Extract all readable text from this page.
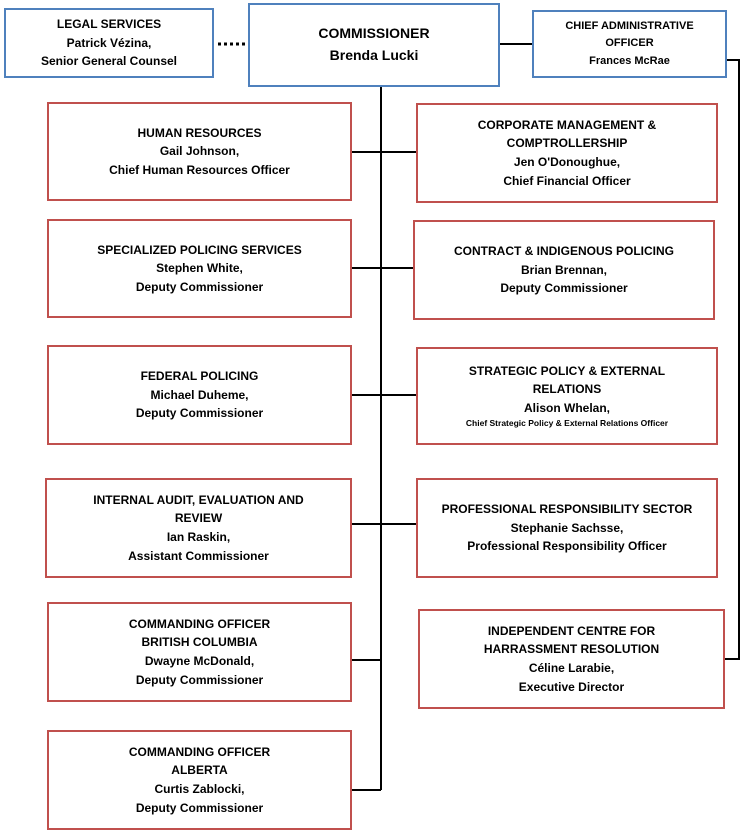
LEGAL SERVICES
Patrick Vézina,
Senior General Counsel
COMMISSIONER
Brenda Lucki
CHIEF ADMINISTRATIVE OFFICER
Frances McRae
HUMAN RESOURCES
Gail Johnson,
Chief Human Resources Officer
SPECIALIZED POLICING SERVICES
Stephen White,
Deputy Commissioner
FEDERAL POLICING
Michael Duheme,
Deputy Commissioner
INTERNAL AUDIT, EVALUATION AND REVIEW
Ian Raskin,
Assistant Commissioner
COMMANDING OFFICER
BRITISH COLUMBIA
Dwayne McDonald,
Deputy Commissioner
COMMANDING OFFICER
ALBERTA
Curtis Zablocki,
Deputy Commissioner
CORPORATE MANAGEMENT & COMPTROLLERSHIP
Jen O'Donoughue,
Chief Financial Officer
CONTRACT & INDIGENOUS POLICING
Brian Brennan,
Deputy Commissioner
STRATEGIC POLICY & EXTERNAL RELATIONS
Alison Whelan,
Chief Strategic Policy & External Relations Officer
PROFESSIONAL RESPONSIBILITY SECTOR
Stephanie Sachsse,
Professional Responsibility Officer
INDEPENDENT CENTRE FOR HARRASSMENT RESOLUTION
Céline Larabie,
Executive Director
